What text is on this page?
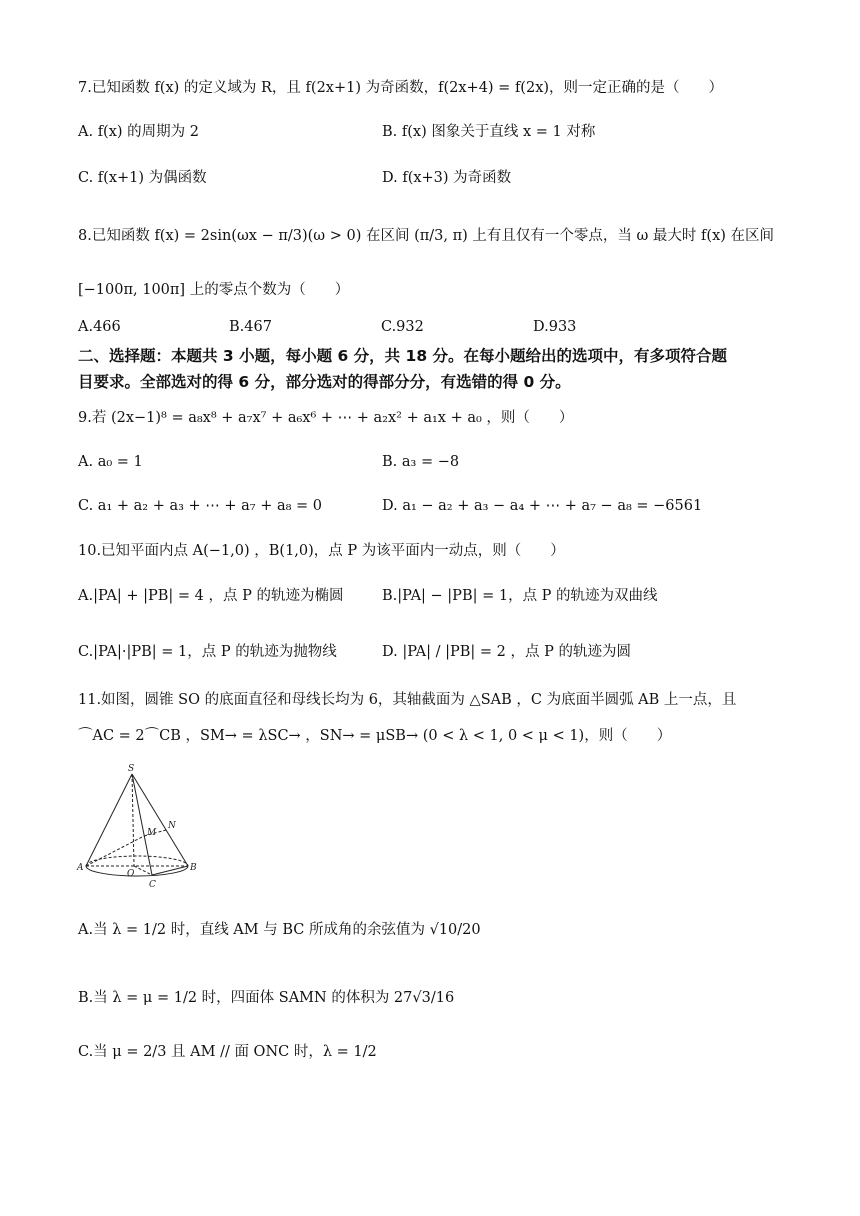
7.已知函数 f(x) 的定义域为 R，且 f(2x+1) 为奇函数，f(2x+4) = f(2x)，则一定正确的是（　　）
A. f(x) 的周期为 2	B. f(x) 图象关于直线 x = 1 对称
C. f(x+1) 为偶函数	D. f(x+3) 为奇函数
8.已知函数 f(x) = 2sin(ωx − π/3)(ω > 0) 在区间 (π/3, π) 上有且仅有一个零点，当 ω 最大时 f(x) 在区间
[−100π, 100π] 上的零点个数为（　　）
A.466	B.467	C.932	D.933
二、选择题：本题共 3 小题，每小题 6 分，共 18 分。在每小题给出的选项中，有多项符合题
目要求。全部选对的得 6 分，部分选对的得部分分，有选错的得 0 分。
9.若 (2x−1)⁸ = a₈x⁸ + a₇x⁷ + a₆x⁶ + ⋯ + a₂x² + a₁x + a₀ ，则（　　）
A. a₀ = 1	B. a₃ = −8
C. a₁ + a₂ + a₃ + ⋯ + a₇ + a₈ = 0	D. a₁ − a₂ + a₃ − a₄ + ⋯ + a₇ − a₈ = −6561
10.已知平面内点 A(−1,0) ，B(1,0)，点 P 为该平面内一动点，则（　　）
A.|PA| + |PB| = 4 ，点 P 的轨迹为椭圆	B.|PA| − |PB| = 1，点 P 的轨迹为双曲线
C.|PA|·|PB| = 1，点 P 的轨迹为抛物线	D. |PA| / |PB| = 2 ，点 P 的轨迹为圆
11.如图，圆锥 SO 的底面直径和母线长均为 6，其轴截面为 △SAB ，C 为底面半圆弧 AB 上一点，且
⌒AC = 2⌒CB ，SM→ = λSC→ ，SN→ = μSB→ (0 < λ < 1, 0 < μ < 1)，则（　　）
S
M
N
A
O
B
C
A.当 λ = 1/2 时，直线 AM 与 BC 所成角的余弦值为 √10/20
B.当 λ = μ = 1/2 时，四面体 SAMN 的体积为 27√3/16
C.当 μ = 2/3 且 AM // 面 ONC 时，λ = 1/2
